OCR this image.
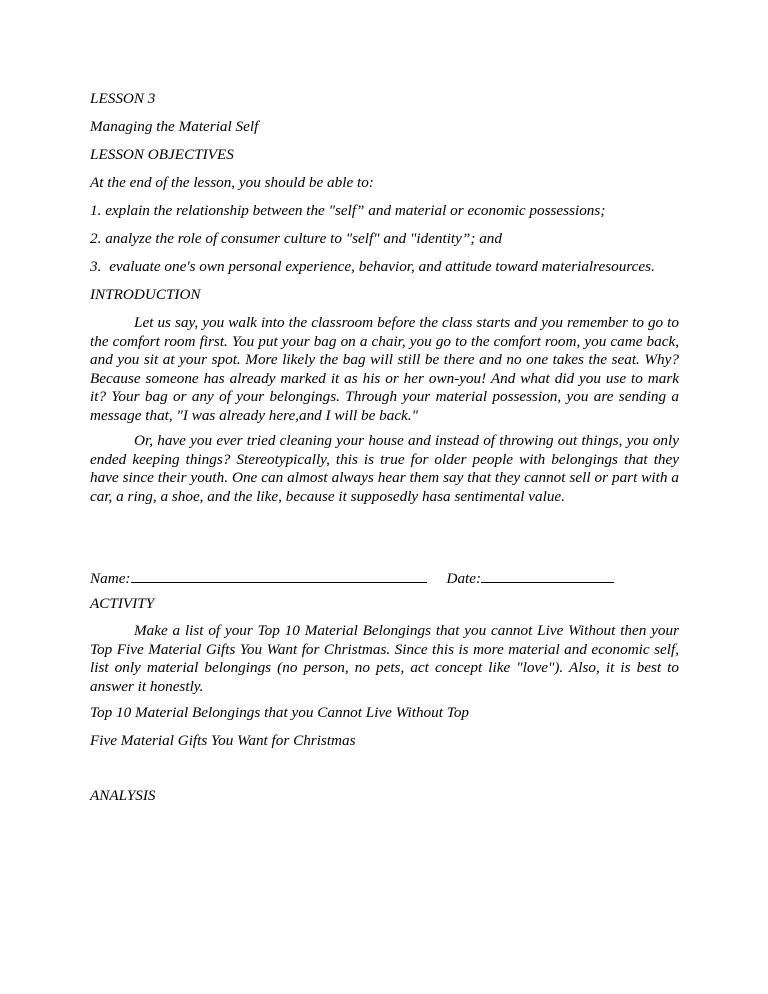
LESSON 3
Managing the Material Self
LESSON OBJECTIVES
At the end of the lesson, you should be able to:
1. explain the relationship between the "self” and material or economic possessions;
2. analyze the role of consumer culture to "self" and "identity”; and
3. evaluate one's own personal experience, behavior, and attitude toward materialresources.
INTRODUCTION
Let us say, you walk into the classroom before the class starts and you remember to go to the comfort room first. You put your bag on a chair, you go to the comfort room, you came back, and you sit at your spot. More likely the bag will still be there and no one takes the seat. Why? Because someone has already marked it as his or her own-you! And what did you use to mark it? Your bag or any of your belongings. Through your material possession, you are sending a message that, "I was already here,and I will be back."
Or, have you ever tried cleaning your house and instead of throwing out things, you only ended keeping things? Stereotypically, this is true for older people with belongings that they have since their youth. One can almost always hear them say that they cannot sell or part with a car, a ring, a shoe, and the like, because it supposedly hasa sentimental value.
Name:	Date:
ACTIVITY
Make a list of your Top 10 Material Belongings that you cannot Live Without then your Top Five Material Gifts You Want for Christmas. Since this is more material and economic self, list only material belongings (no person, no pets, act concept like "love"). Also, it is best to answer it honestly.
Top 10 Material Belongings that you Cannot Live Without Top
Five Material Gifts You Want for Christmas
ANALYSIS
